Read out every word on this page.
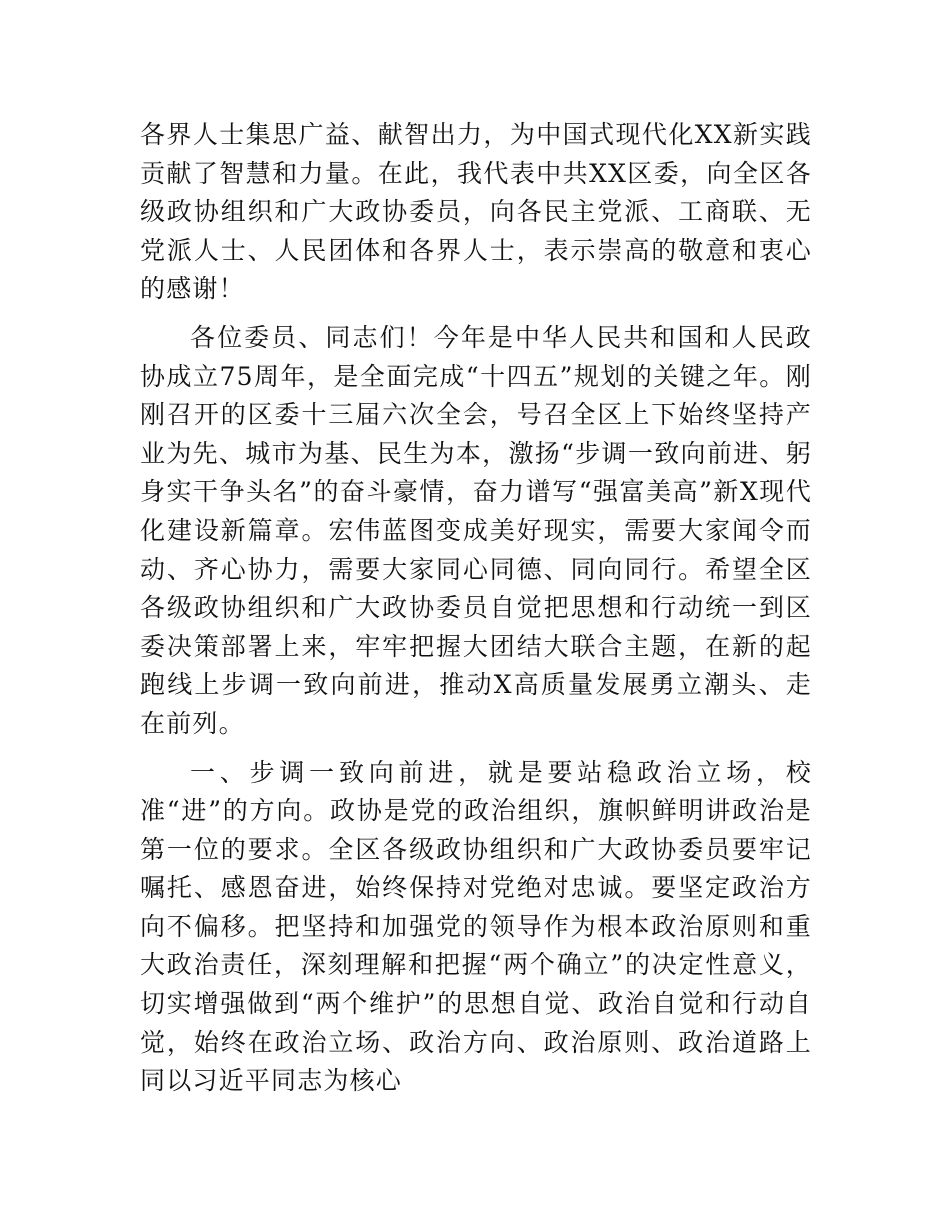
各界人士集思广益、献智出力，为中国式现代化XX新实践贡献了智慧和力量。在此，我代表中共XX区委，向全区各级政协组织和广大政协委员，向各民主党派、工商联、无党派人士、人民团体和各界人士，表示崇高的敬意和衷心的感谢！

各位委员、同志们！今年是中华人民共和国和人民政协成立75周年，是全面完成“十四五”规划的关键之年。刚刚召开的区委十三届六次全会，号召全区上下始终坚持产业为先、城市为基、民生为本，激扬“步调一致向前进、躬身实干争头名”的奋斗豪情，奋力谱写“强富美高”新X现代化建设新篇章。宏伟蓝图变成美好现实，需要大家闻令而动、齐心协力，需要大家同心同德、同向同行。希望全区各级政协组织和广大政协委员自觉把思想和行动统一到区委决策部署上来，牢牢把握大团结大联合主题，在新的起跑线上步调一致向前进，推动X高质量发展勇立潮头、走在前列。

一、步调一致向前进，就是要站稳政治立场，校准“进”的方向。政协是党的政治组织，旗帜鲜明讲政治是第一位的要求。全区各级政协组织和广大政协委员要牢记嘱托、感恩奋进，始终保持对党绝对忠诚。要坚定政治方向不偏移。把坚持和加强党的领导作为根本政治原则和重大政治责任，深刻理解和把握“两个确立”的决定性意义，切实增强做到“两个维护”的思想自觉、政治自觉和行动自觉，始终在政治立场、政治方向、政治原则、政治道路上同以习近平同志为核心
